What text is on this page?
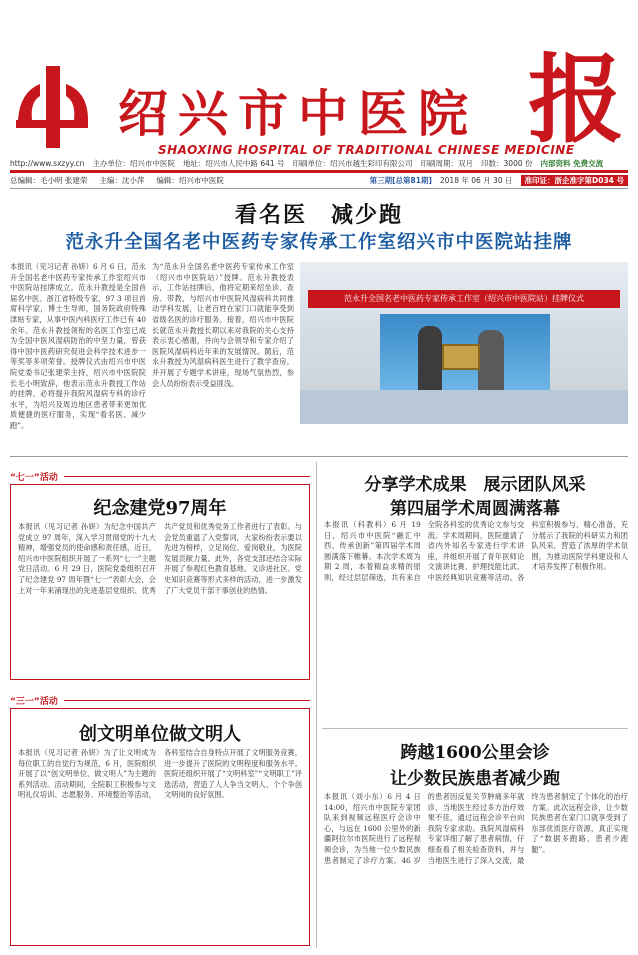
绍兴市中医院 报
SHAOXING HOSPITAL OF TRADITIONAL CHINESE MEDICINE
http://www.sxzyy.cn 主办单位：绍兴市中医院 地址：绍兴市人民中路 641 号 印刷单位：绍兴市越生彩印有限公司 印刷周期：双月 印数：3000 份 内部资料 免费交流
总编辑：毛小明 张建荣 主编：沈小萍 编辑：绍兴市中医院	第三期[总第81期] 2018 年 06 月 30 日	准印证：浙企准字第D034 号
看名医　减少跑
范永升全国名老中医药专家传承工作室绍兴市中医院站挂牌
本报讯（见习记者 孙妍）6 月 6 日，范永升全国名老中医药专家传承工作室绍兴市中医院站挂牌成立。范永升教授是全国首届名中医、浙江省特级专家，97 3 项目首席科学家，博士生导师，国务院政府特殊津贴专家，从事中医内科医疗工作已有 40 余年。范永升教授领衔的名医工作室已成为全国中医风湿病防治的中坚力量，曾获得中国中医药研究促进会科学技术进步一等奖等多项荣誉。授牌仪式由绍兴市中医院党委书记张建荣主持，绍兴市中医院院长毛小明致辞，他表示范永升教授工作站的挂牌，必将提升我院风湿病专科的诊疗水平，为绍兴及周边地区患者带来更加优质便捷的医疗服务，实现“看名医、减少跑”。
为“范永升全国名老中医药专家传承工作室（绍兴市中医院站）”授牌。范永升教授表示，工作站挂牌后，他将定期来绍坐诊、查房、带教，与绍兴市中医院风湿病科共同推动学科发展，让老百姓在家门口就能享受到省级名医的诊疗服务。接着，绍兴市中医院长就范永升教授长期以来对我院的关心支持表示衷心感谢，并向与会领导和专家介绍了医院风湿病科近年来的发展情况。随后，范永升教授为风湿病科医生进行了教学查房，并开展了专题学术讲座，现场气氛热烈，参会人员纷纷表示受益匪浅。
范永升全国名老中医药专家传承工作室（绍兴市中医院站）挂牌仪式
“七一”活动
纪念建党97周年
本报讯（见习记者 孙妍）为纪念中国共产党成立 97 周年，深入学习贯彻党的十九大精神，增强党员的使命感和责任感，近日，绍兴市中医院组织开展了一系列“七一”主题党日活动。6 月 29 日，医院党委组织召开了纪念建党 97 周年暨“七一”表彰大会，会上对一年来涌现出的先进基层党组织、优秀共产党员和优秀党务工作者进行了表彰。与会党员重温了入党誓词，大家纷纷表示要以先进为榜样，立足岗位、爱岗敬业，为医院发展贡献力量。此外，各党支部还结合实际开展了参观红色教育基地、义诊进社区、党史知识竞赛等形式多样的活动，进一步激发了广大党员干部干事创业的热情。
“三一”活动
创文明单位做文明人
本报讯（见习记者 孙妍）为了让文明成为每位职工的自觉行为规范，6 月，医院组织开展了以“创文明单位、做文明人”为主题的系列活动。活动期间，全院职工积极参与文明礼仪培训、志愿服务、环境整治等活动，各科室结合自身特点开展了文明服务竞赛，进一步提升了医院的文明程度和服务水平。医院还组织开展了“文明科室”“文明职工”评选活动，营造了人人争当文明人、个个争创文明岗的良好氛围。
分享学术成果　展示团队风采
第四届学术周圆满落幕
本报讯（科教科）6 月 19 日，绍兴市中医院“融汇中西、传承创新”第四届学术周圆满落下帷幕。本次学术周为期 2 周，本着精益求精的原则，经过层层筛选，共有来自全院各科室的优秀论文参与交流。学术周期间，医院邀请了省内外知名专家进行学术讲座，并组织开展了青年医师论文演讲比赛、护理技能比武、中医经典知识竞赛等活动。各科室积极参与、精心准备，充分展示了我院的科研实力和团队风采，营造了浓厚的学术氛围，为推动医院学科建设和人才培养发挥了积极作用。
跨越1600公里会诊
让少数民族患者减少跑
本报讯（刘小东）6 月 4 日 14:00，绍兴市中医院专家团队来到视频远程医疗会诊中心，与远在 1600 公里外的新疆阿拉尔市医院进行了远程视频会诊，为当地一位少数民族患者制定了诊疗方案。46 岁的患者因反复关节肿痛多年就诊，当地医生经过多方治疗效果不佳，通过远程会诊平台向我院专家求助。我院风湿病科专家详细了解了患者病情，仔细查看了相关检查资料，并与当地医生进行了深入交流，最终为患者制定了个体化的治疗方案。此次远程会诊，让少数民族患者在家门口就享受到了东部优质医疗资源，真正实现了“数据多跑路、患者少跑腿”。
